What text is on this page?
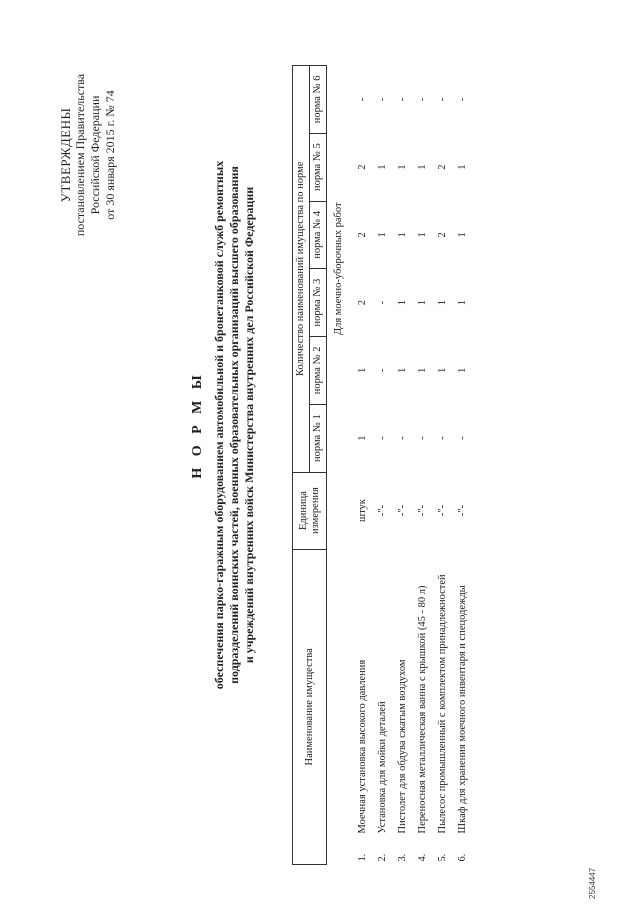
УТВЕРЖДЕНЫ постановлением Правительства Российской Федерации от 30 января 2015 г. № 74
Н О Р М Ы обеспечения парко-гаражным оборудованием автомобильной и бронетанковой служб ремонтных подразделений воинских частей, военных образовательных организаций высшего образования и учреждений внутренних войск Министерства внутренних дел Российской Федерации
Наименование имущества		Единица измерения	Количество наименований имущества по норме					
			норма № 1	норма № 2	норма № 3	норма № 4	норма № 5	норма № 6
			Для моечно-уборочных работ					
1.	Моечная установка высокого давления	штук	1	1	2	2	2	-
2.	Установка для мойки деталей	-"-	-	-	-	1	1	-
3.	Пистолет для обдува сжатым воздухом	-"-	-	1	1	1	1	-
4.	Переносная металлическая ванна с крышкой (45 - 80 л)	-"-	-	1	1	1	1	-
5.	Пылесос промышленный с комплектом принадлежностей	-"-	-	1	1	2	2	-
6.	Шкаф для хранения моечного инвентаря и спецодежды	-"-	-	1	1	1	1	-
2554447
